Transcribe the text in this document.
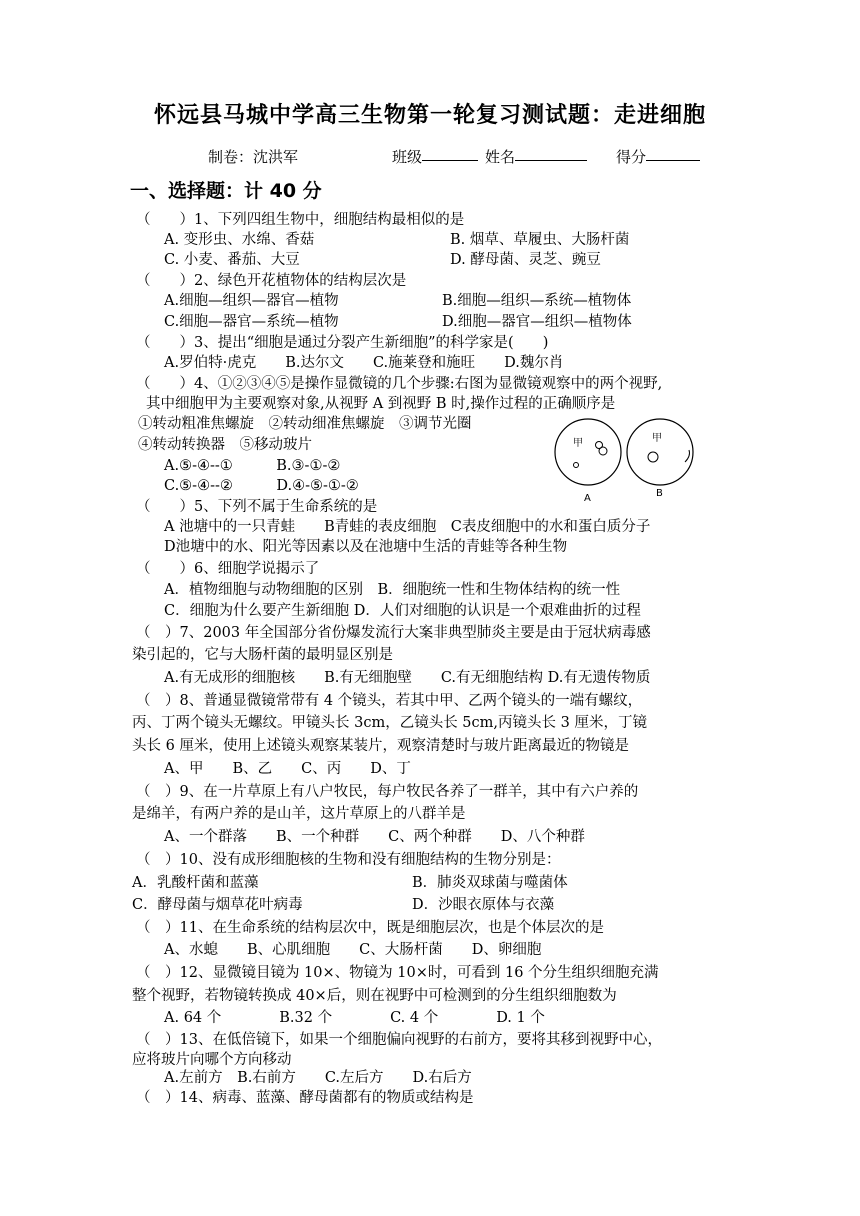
怀远县马城中学高三生物第一轮复习测试题：走进细胞
制卷：沈洪军	班级	姓名	得分
一、选择题：计 40 分
（　　）1、下列四组生物中，细胞结构最相似的是
A. 变形虫、水绵、香菇	B. 烟草、草履虫、大肠杆菌
C. 小麦、番茄、大豆	D. 酵母菌、灵芝、豌豆
（　　）2、绿色开花植物体的结构层次是
A.细胞—组织—器官—植物	B.细胞—组织—系统—植物体
C.细胞—器官—系统—植物	D.细胞—器官—组织—植物体
（　　）3、提出“细胞是通过分裂产生新细胞”的科学家是(　　)
A.罗伯特·虎克　　B.达尔文　　C.施莱登和施旺　　D.魏尔肖
（　　）4、①②③④⑤是操作显微镜的几个步骤:右图为显微镜观察中的两个视野,
其中细胞甲为主要观察对象,从视野 A 到视野 B 时,操作过程的正确顺序是
①转动粗准焦螺旋　②转动细准焦螺旋　③调节光圈
④转动转换器　⑤移动玻片
A.⑤-④--①　　　B.③-①-②
C.⑤-④--②　　　D.④-⑤-①-②
甲
A
甲
B
（　　）5、下列不属于生命系统的是
A 池塘中的一只青蛙　　B青蛙的表皮细胞　C表皮细胞中的水和蛋白质分子
D池塘中的水、阳光等因素以及在池塘中生活的青蛙等各种生物
（　　）6、细胞学说揭示了
A．植物细胞与动物细胞的区别　B．细胞统一性和生物体结构的统一性
C．细胞为什么要产生新细胞 D．人们对细胞的认识是一个艰难曲折的过程
（　）7、2003 年全国部分省份爆发流行大案非典型肺炎主要是由于冠状病毒感
染引起的，它与大肠杆菌的最明显区别是
A.有无成形的细胞核　　B.有无细胞壁　　C.有无细胞结构 D.有无遗传物质
（　）8、普通显微镜常带有 4 个镜头，若其中甲、乙两个镜头的一端有螺纹，
丙、丁两个镜头无螺纹。甲镜头长 3cm，乙镜头长 5cm,丙镜头长 3 厘米，丁镜
头长 6 厘米，使用上述镜头观察某装片，观察清楚时与玻片距离最近的物镜是
A、甲　　B、乙　　C、丙　　D、丁
（　）9、在一片草原上有八户牧民，每户牧民各养了一群羊，其中有六户养的
是绵羊，有两户养的是山羊，这片草原上的八群羊是
A、一个群落　　B、一个种群　　C、两个种群　　D、八个种群
（　）10、没有成形细胞核的生物和没有细胞结构的生物分别是：
A．乳酸杆菌和蓝藻	B．肺炎双球菌与噬菌体
C．酵母菌与烟草花叶病毒	D．沙眼衣原体与衣藻
（　）11、在生命系统的结构层次中，既是细胞层次，也是个体层次的是
A、水螅　　B、心肌细胞　　C、大肠杆菌　　D、卵细胞
（　）12、显微镜目镜为 10×、物镜为 10×时，可看到 16 个分生组织细胞充满
整个视野，若物镜转换成 40×后，则在视野中可检测到的分生组织细胞数为
A. 64 个　　　　B.32 个　　　　C. 4 个　　　　D. 1 个
（　）13、在低倍镜下，如果一个细胞偏向视野的右前方，要将其移到视野中心，
应将玻片向哪个方向移动
A.左前方　B.右前方　　C.左后方　　D.右后方
（　）14、病毒、蓝藻、酵母菌都有的物质或结构是
